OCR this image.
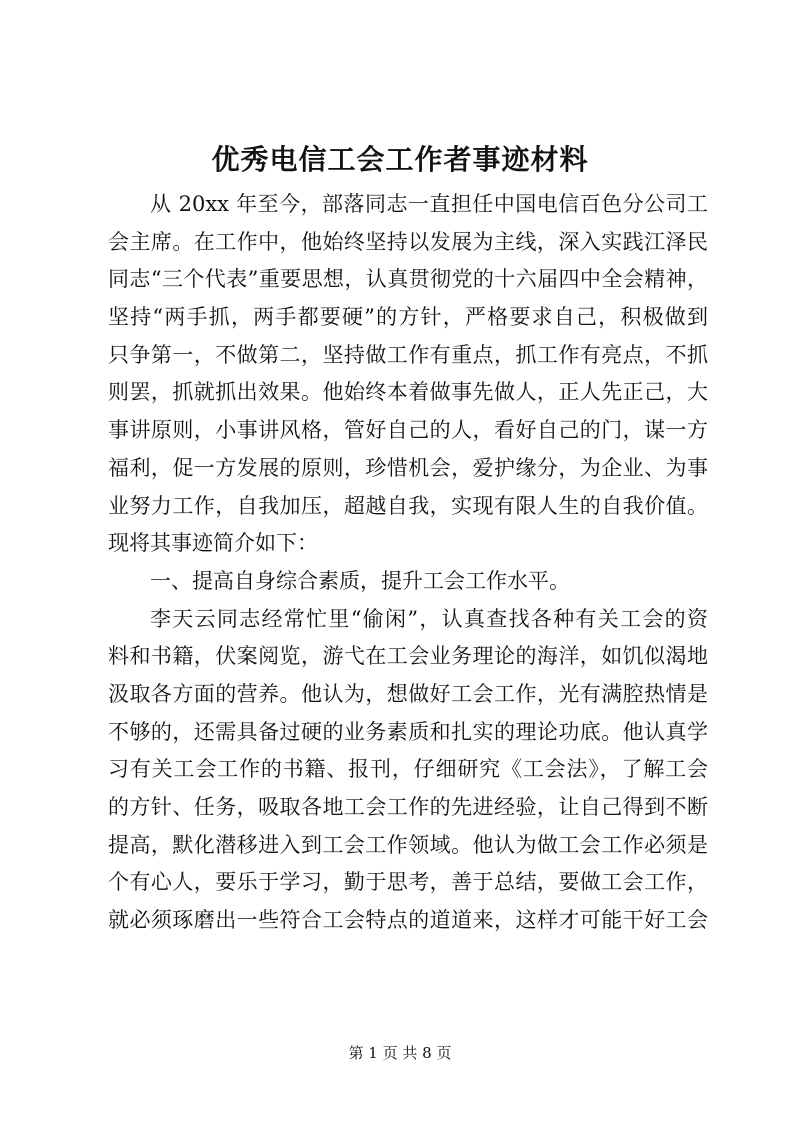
优秀电信工会工作者事迹材料
从 20xx 年至今，部落同志一直担任中国电信百色分公司工
会主席。在工作中，他始终坚持以发展为主线，深入实践江泽民
同志“三个代表”重要思想，认真贯彻党的十六届四中全会精神，
坚持“两手抓，两手都要硬”的方针，严格要求自己，积极做到
只争第一，不做第二，坚持做工作有重点，抓工作有亮点，不抓
则罢，抓就抓出效果。他始终本着做事先做人，正人先正己，大
事讲原则，小事讲风格，管好自己的人，看好自己的门，谋一方
福利，促一方发展的原则，珍惜机会，爱护缘分，为企业、为事
业努力工作，自我加压，超越自我，实现有限人生的自我价值。
现将其事迹简介如下：
一、提高自身综合素质，提升工会工作水平。
李天云同志经常忙里“偷闲”，认真查找各种有关工会的资
料和书籍，伏案阅览，游弋在工会业务理论的海洋，如饥似渴地
汲取各方面的营养。他认为，想做好工会工作，光有满腔热情是
不够的，还需具备过硬的业务素质和扎实的理论功底。他认真学
习有关工会工作的书籍、报刊，仔细研究《工会法》，了解工会
的方针、任务，吸取各地工会工作的先进经验，让自己得到不断
提高，默化潜移进入到工会工作领域。他认为做工会工作必须是
个有心人，要乐于学习，勤于思考，善于总结，要做工会工作，
就必须琢磨出一些符合工会特点的道道来，这样才可能干好工会
第 1 页 共 8 页
